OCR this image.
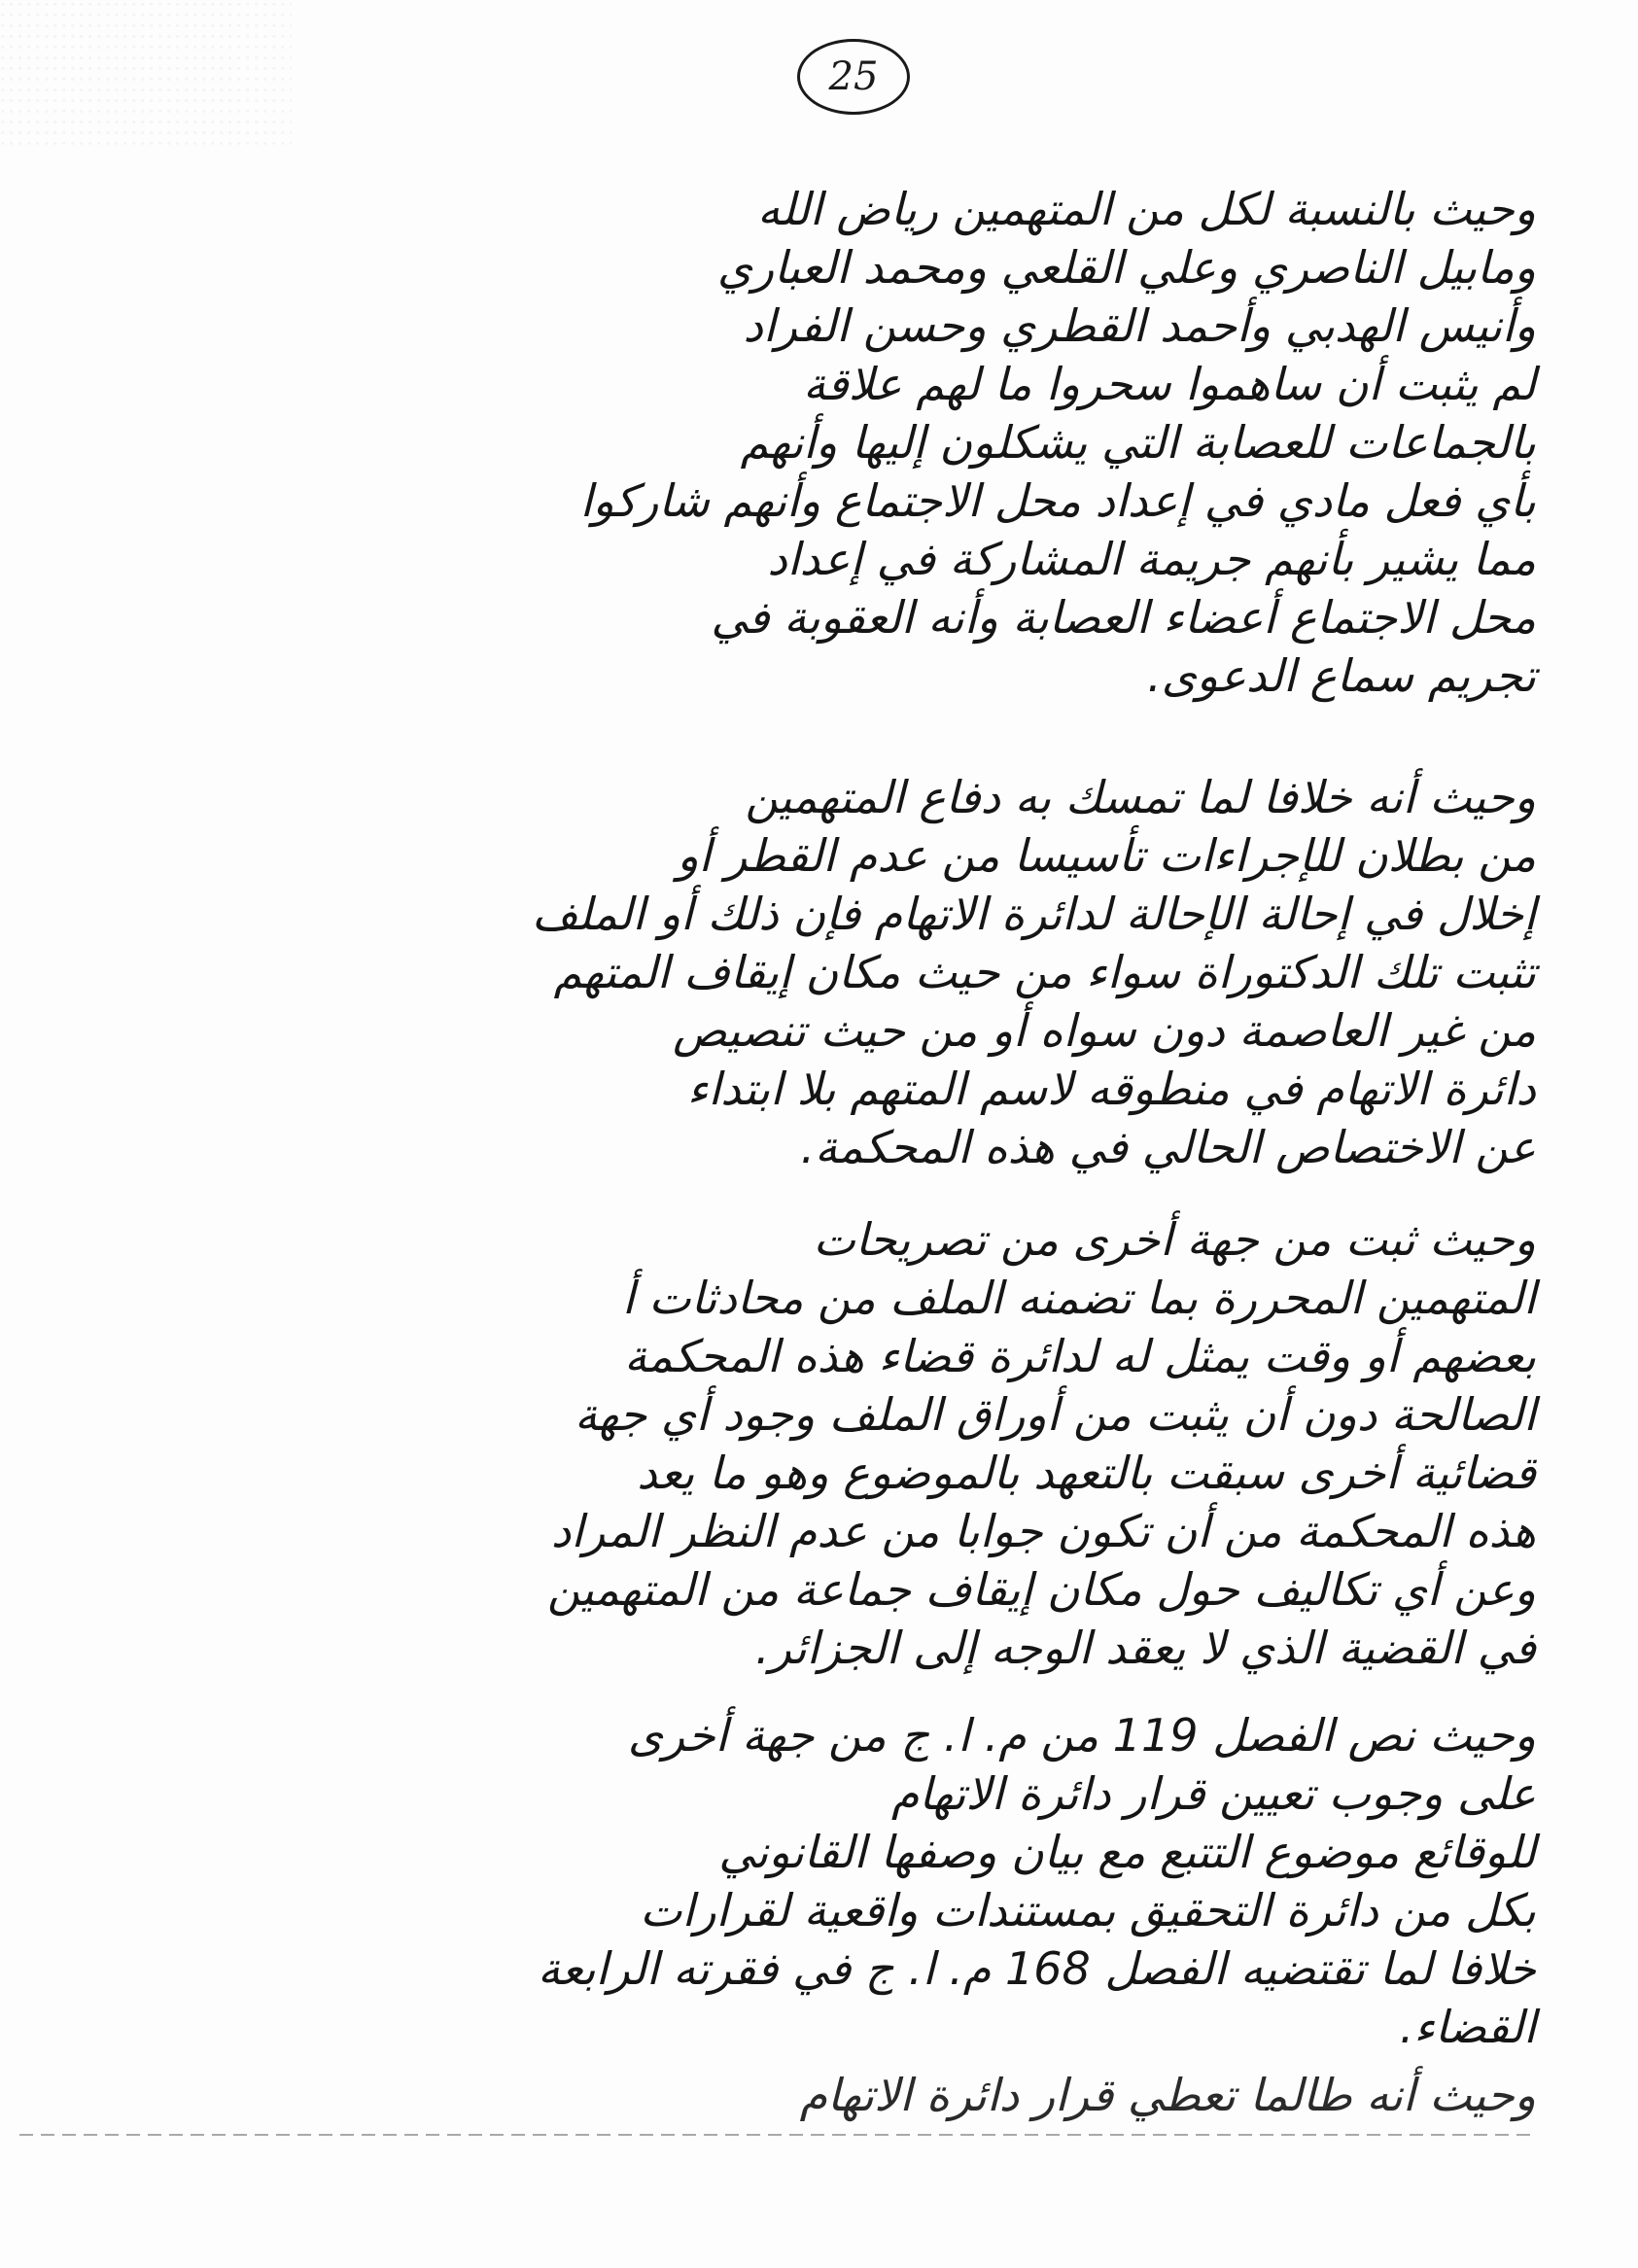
25
وحيث بالنسبة لكل من المتهمين رياض الله
ومابيل الناصري وعلي القلعي ومحمد العباري
وأنيس الهدبي وأحمد القطري وحسن الفراد
لم يثبت أن ساهموا سحروا ما لهم علاقة
بالجماعات للعصابة التي يشكلون إليها وأنهم
بأي فعل مادي في إعداد محل الاجتماع وأنهم شاركوا
مما يشير بأنهم جريمة المشاركة في إعداد
محل الاجتماع أعضاء العصابة وأنه العقوبة في
تجريم سماع الدعوى.
وحيث أنه خلافا لما تمسك به دفاع المتهمين
من بطلان للإجراءات تأسيسا من عدم القطر أو
إخلال في إحالة الإحالة لدائرة الاتهام فإن ذلك أو الملف
تثبت تلك الدكتوراة سواء من حيث مكان إيقاف المتهم
من غير العاصمة دون سواه أو من حيث تنصيص
دائرة الاتهام في منطوقه لاسم المتهم بلا ابتداء
عن الاختصاص الحالي في هذه المحكمة.
وحيث ثبت من جهة أخرى من تصريحات
المتهمين المحررة بما تضمنه الملف من محادثات أ
بعضهم أو وقت يمثل له لدائرة قضاء هذه المحكمة
الصالحة دون أن يثبت من أوراق الملف وجود أي جهة
قضائية أخرى سبقت بالتعهد بالموضوع وهو ما يعد
هذه المحكمة من أن تكون جوابا من عدم النظر المراد
وعن أي تكاليف حول مكان إيقاف جماعة من المتهمين
في القضية الذي لا يعقد الوجه إلى الجزائر.
وحيث نص الفصل 119 من م. ا. ج من جهة أخرى
على وجوب تعيين قرار دائرة الاتهام
للوقائع موضوع التتبع مع بيان وصفها القانوني
بكل من دائرة التحقيق بمستندات واقعية لقرارات
خلافا لما تقتضيه الفصل 168 م. ا. ج في فقرته الرابعة
القضاء.
وحيث أنه طالما تعطي قرار دائرة الاتهام
